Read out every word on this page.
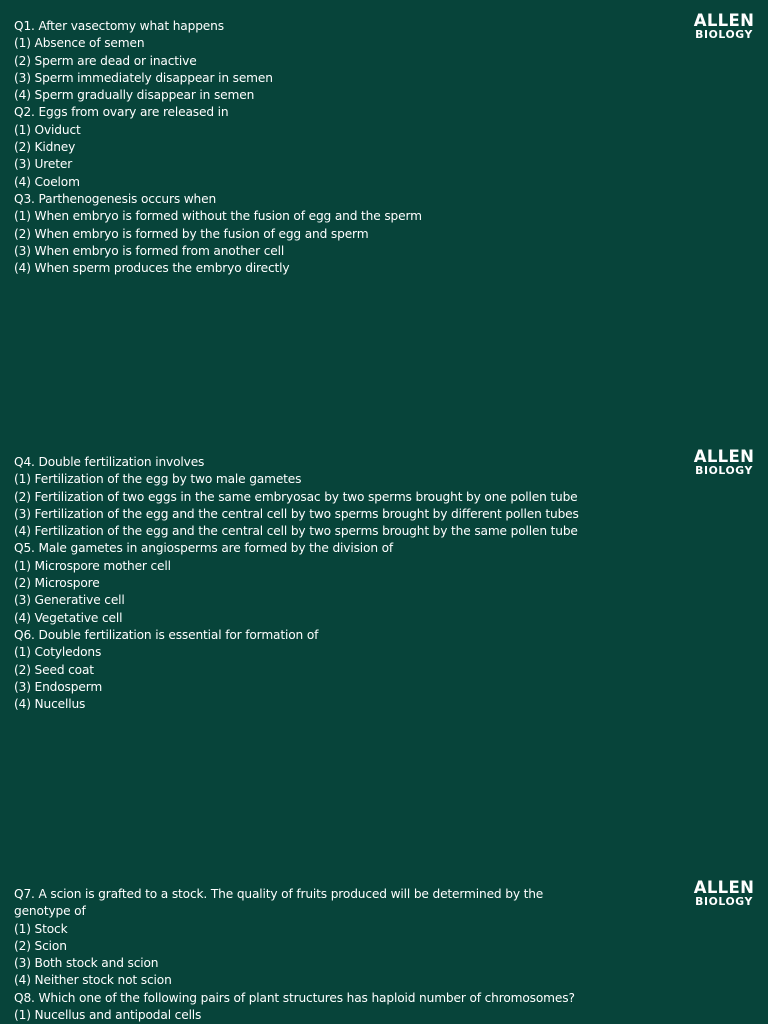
Q1. After vasectomy what happens
(1) Absence of semen
(2) Sperm are dead or inactive
(3) Sperm immediately disappear in semen
(4) Sperm gradually disappear in semen
Q2. Eggs from ovary are released in
(1) Oviduct
(2) Kidney
(3) Ureter
(4) Coelom
Q3. Parthenogenesis occurs when
(1) When embryo is formed without the fusion of egg and the sperm
(2) When embryo is formed by the fusion of egg and sperm
(3) When embryo is formed from another cell
(4) When sperm produces the embryo directly
ALLEN
BIOLOGY
Q4. Double fertilization involves
(1) Fertilization of the egg by two male gametes
(2) Fertilization of two eggs in the same embryosac by two sperms brought by one pollen tube
(3) Fertilization of the egg and the central cell by two sperms brought by different pollen tubes
(4) Fertilization of the egg and the central cell by two sperms brought by the same pollen tube
Q5. Male gametes in angiosperms are formed by the division of
(1) Microspore mother cell
(2) Microspore
(3) Generative cell
(4) Vegetative cell
Q6. Double fertilization is essential for formation of
(1) Cotyledons
(2) Seed coat
(3) Endosperm
(4) Nucellus
ALLEN
BIOLOGY
Q7. A scion is grafted to a stock. The quality of fruits produced will be determined by the genotype of
(1) Stock
(2) Scion
(3) Both stock and scion
(4) Neither stock not scion
Q8. Which one of the following pairs of plant structures has haploid number of chromosomes?
(1) Nucellus and antipodal cells
ALLEN
BIOLOGY
